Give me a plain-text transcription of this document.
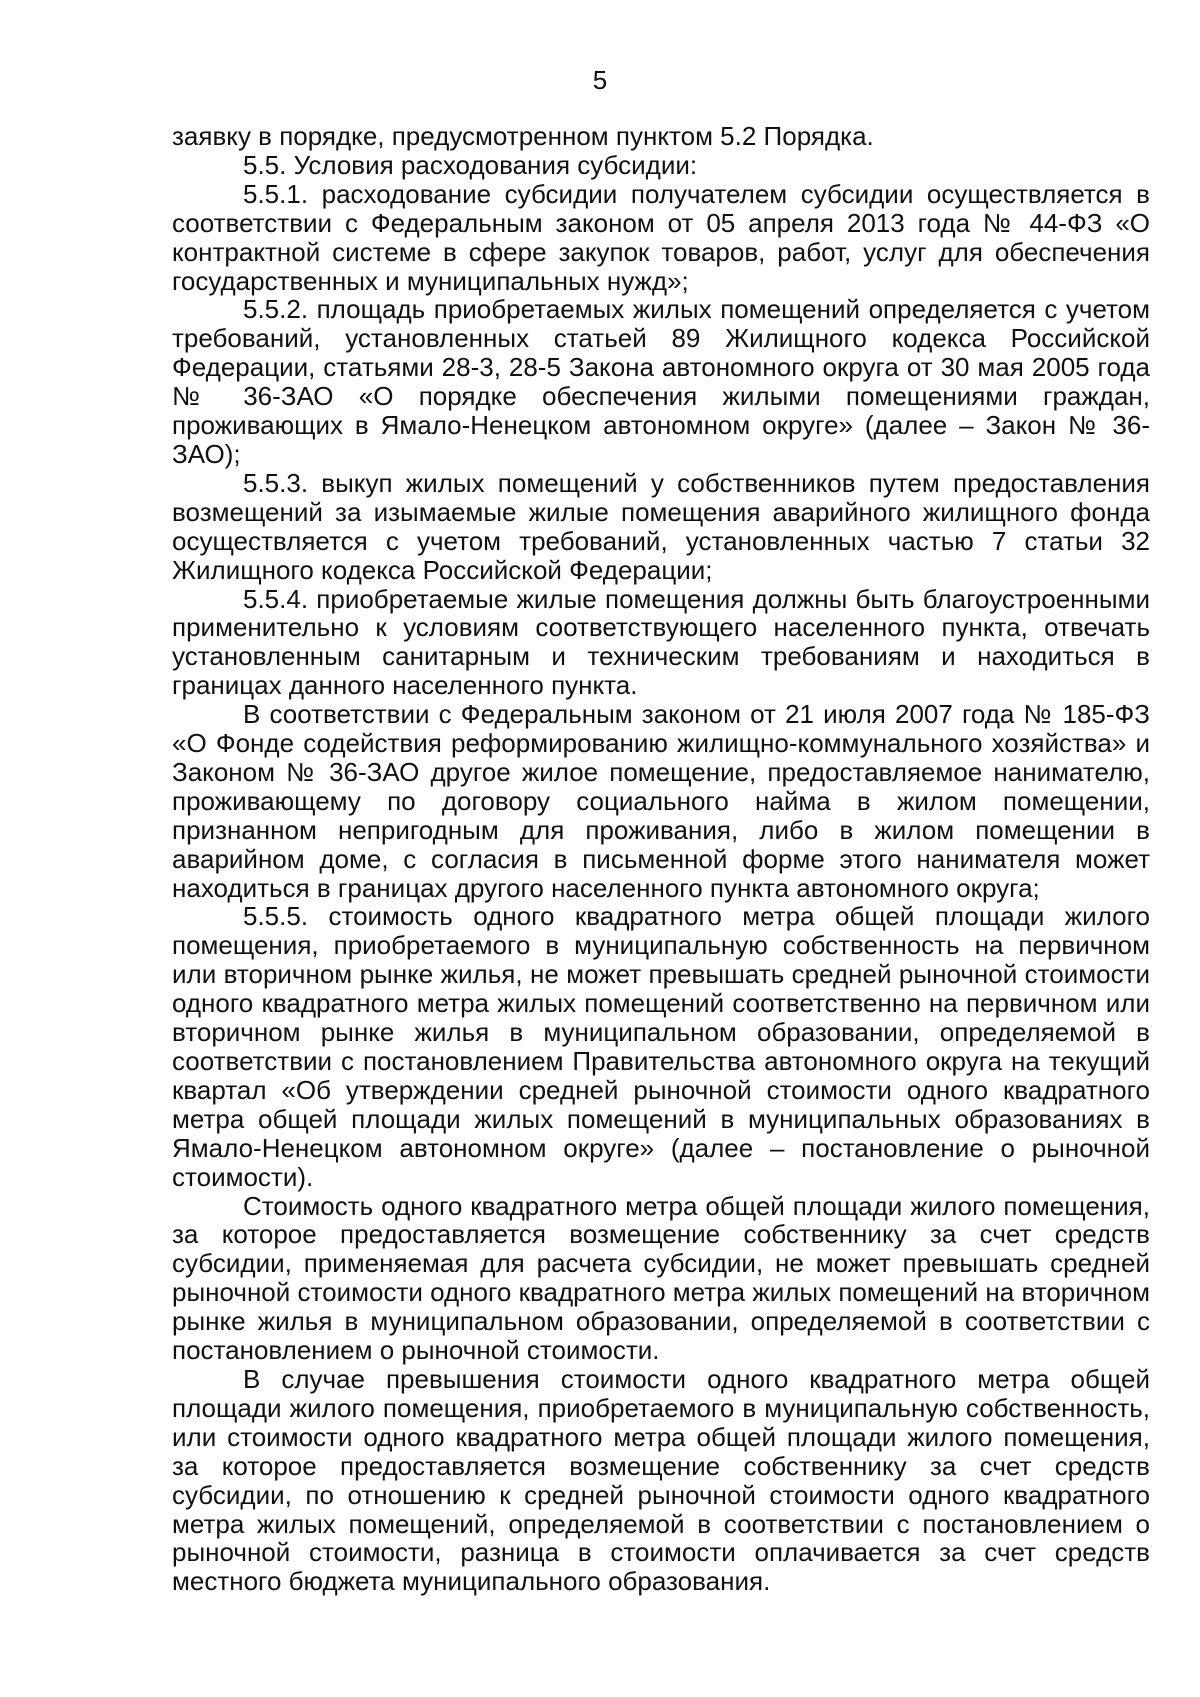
5

заявку в порядке, предусмотренном пунктом 5.2 Порядка.

5.5. Условия расходования субсидии:

5.5.1. расходование субсидии получателем субсидии осуществляется в соответствии с Федеральным законом от 05 апреля 2013 года № 44-ФЗ «О контрактной системе в сфере закупок товаров, работ, услуг для обеспечения государственных и муниципальных нужд»;

5.5.2. площадь приобретаемых жилых помещений определяется с учетом требований, установленных статьей 89 Жилищного кодекса Российской Федерации, статьями 28-3, 28-5 Закона автономного округа от 30 мая 2005 года № 36-ЗАО «О порядке обеспечения жилыми помещениями граждан, проживающих в Ямало-Ненецком автономном округе» (далее – Закон № 36-ЗАО);

5.5.3. выкуп жилых помещений у собственников путем предоставления возмещений за изымаемые жилые помещения аварийного жилищного фонда осуществляется с учетом требований, установленных частью 7 статьи 32 Жилищного кодекса Российской Федерации;

5.5.4. приобретаемые жилые помещения должны быть благоустроенными применительно к условиям соответствующего населенного пункта, отвечать установленным санитарным и техническим требованиям и находиться в границах данного населенного пункта.

В соответствии с Федеральным законом от 21 июля 2007 года № 185-ФЗ «О Фонде содействия реформированию жилищно-коммунального хозяйства» и Законом № 36-ЗАО другое жилое помещение, предоставляемое нанимателю, проживающему по договору социального найма в жилом помещении, признанном непригодным для проживания, либо в жилом помещении в аварийном доме, с согласия в письменной форме этого нанимателя может находиться в границах другого населенного пункта автономного округа;

5.5.5. стоимость одного квадратного метра общей площади жилого помещения, приобретаемого в муниципальную собственность на первичном или вторичном рынке жилья, не может превышать средней рыночной стоимости одного квадратного метра жилых помещений соответственно на первичном или вторичном рынке жилья в муниципальном образовании, определяемой в соответствии с постановлением Правительства автономного округа на текущий квартал «Об утверждении средней рыночной стоимости одного квадратного метра общей площади жилых помещений в муниципальных образованиях в Ямало-Ненецком автономном округе» (далее – постановление о рыночной стоимости).

Стоимость одного квадратного метра общей площади жилого помещения, за которое предоставляется возмещение собственнику за счет средств субсидии, применяемая для расчета субсидии, не может превышать средней рыночной стоимости одного квадратного метра жилых помещений на вторичном рынке жилья в муниципальном образовании, определяемой в соответствии с постановлением о рыночной стоимости.

В случае превышения стоимости одного квадратного метра общей площади жилого помещения, приобретаемого в муниципальную собственность, или стоимости одного квадратного метра общей площади жилого помещения, за которое предоставляется возмещение собственнику за счет средств субсидии, по отношению к средней рыночной стоимости одного квадратного метра жилых помещений, определяемой в соответствии с постановлением о рыночной стоимости, разница в стоимости оплачивается за счет средств местного бюджета муниципального образования.
